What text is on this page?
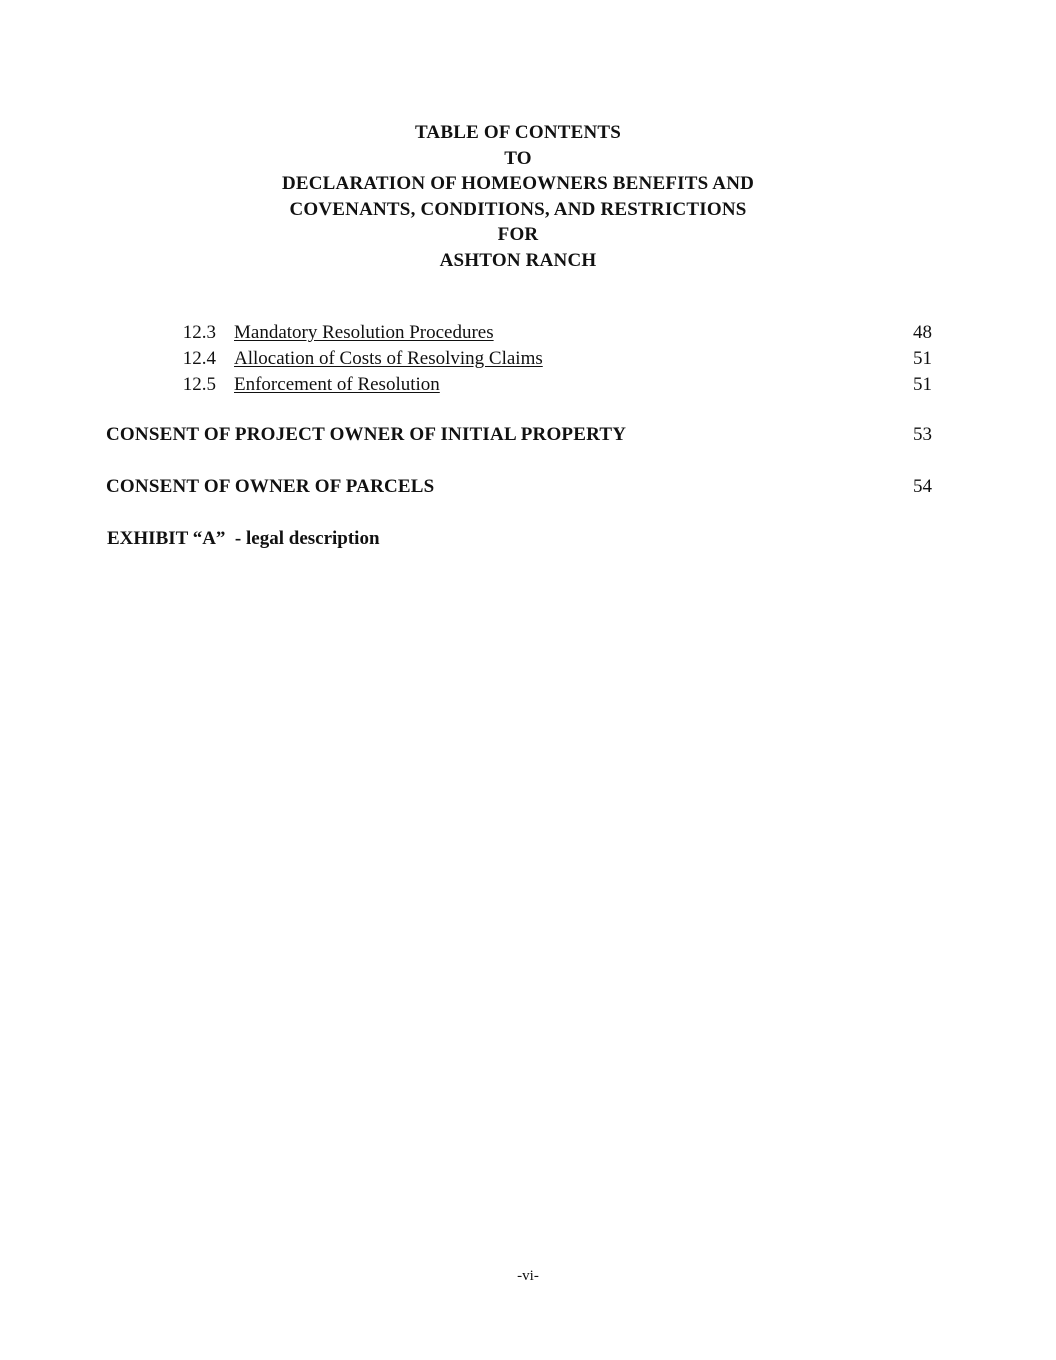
TABLE OF CONTENTS
TO
DECLARATION OF HOMEOWNERS BENEFITS AND
COVENANTS, CONDITIONS, AND RESTRICTIONS
FOR
ASHTON RANCH
12.3 Mandatory Resolution Procedures	48
12.4 Allocation of Costs of Resolving Claims	51
12.5 Enforcement of Resolution	51
CONSENT OF PROJECT OWNER OF INITIAL PROPERTY	53
CONSENT OF OWNER OF PARCELS	54
EXHIBIT “A”  - legal description
-vi-
